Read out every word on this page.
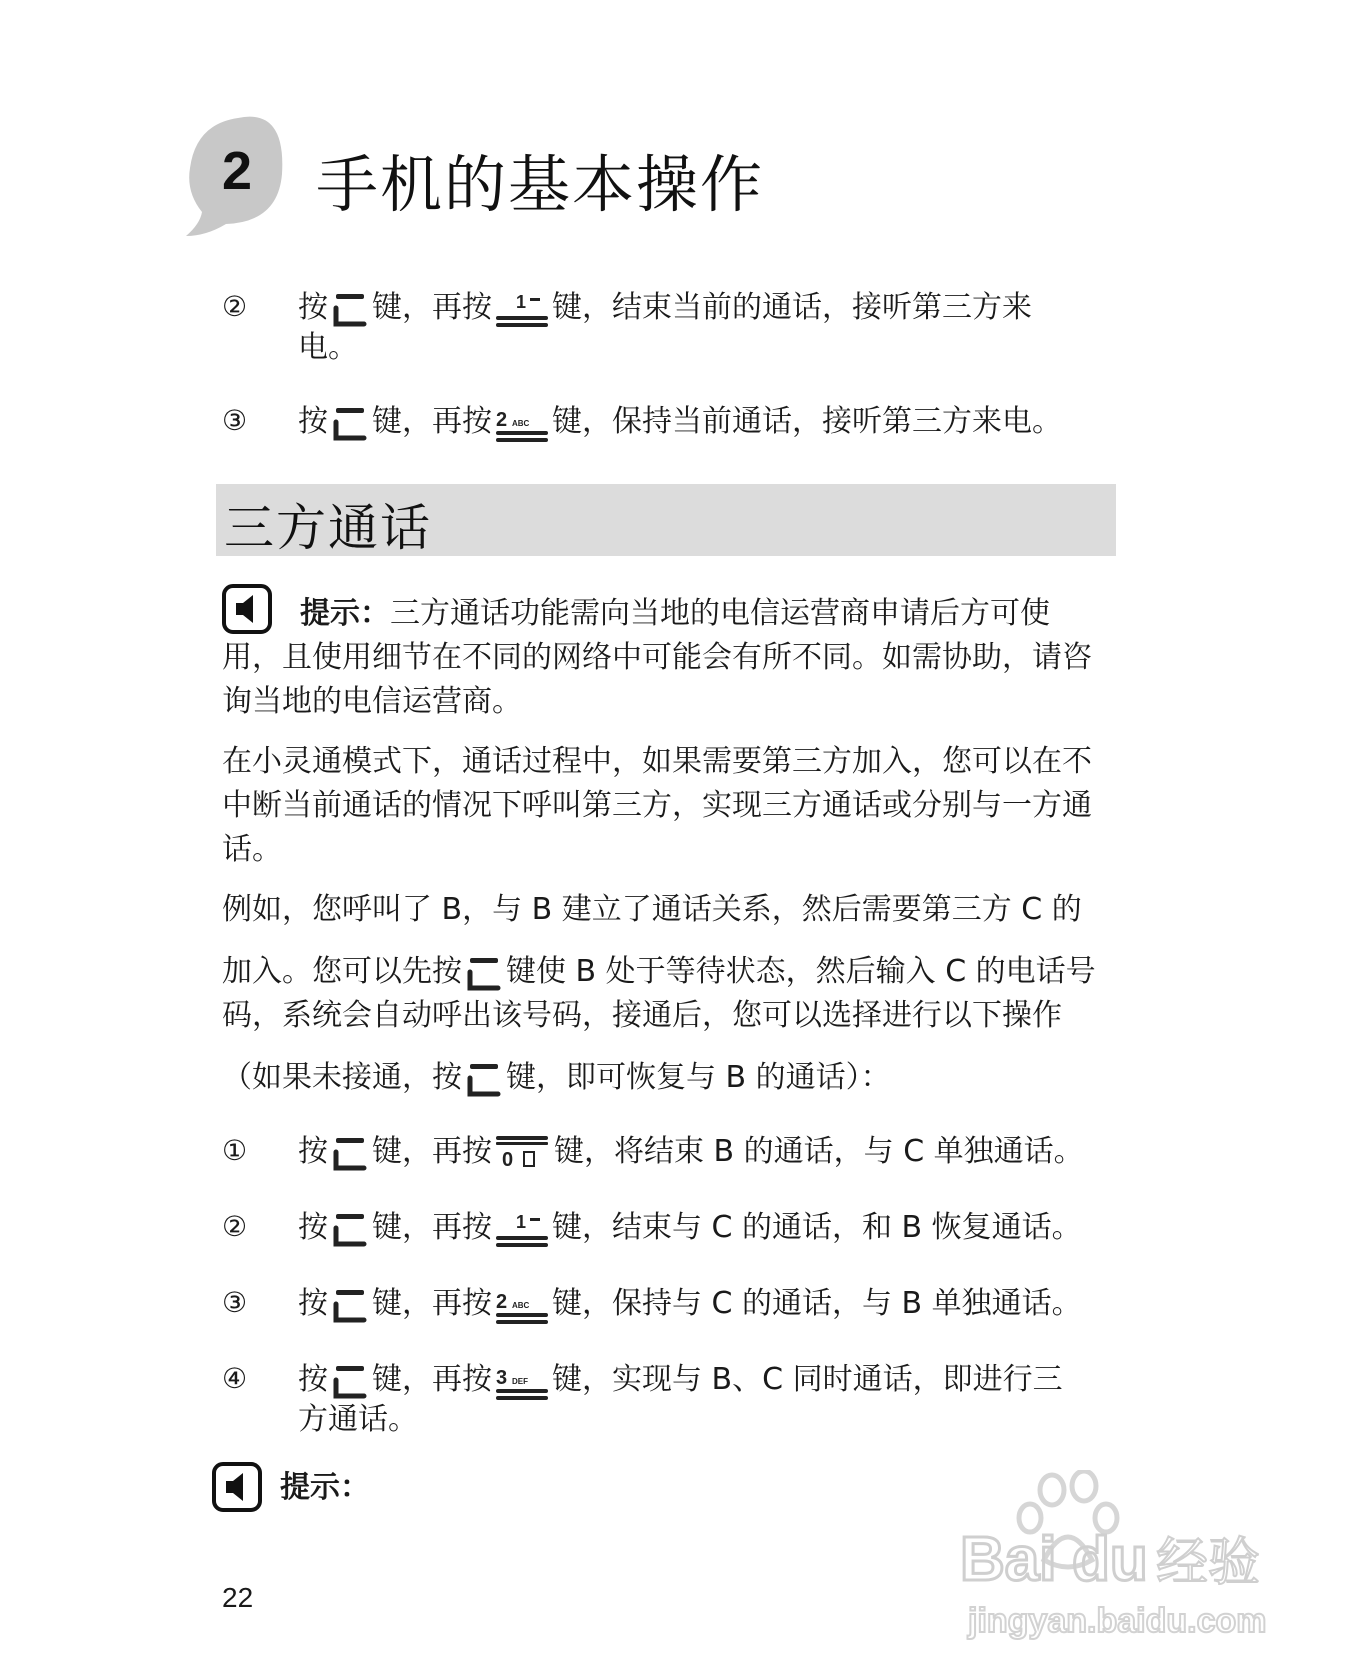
2 手机的基本操作
② 按 键，再按 1 键，结束当前的通话，接听第三方来
电。
③ 按 键，再按 2 ABC 键，保持当前通话，接听第三方来电。
三方通话
提示： 三方通话功能需向当地的电信运营商申请后方可使
用，且使用细节在不同的网络中可能会有所不同。如需协助，请咨
询当地的电信运营商。
在小灵通模式下，通话过程中，如果需要第三方加入，您可以在不
中断当前通话的情况下呼叫第三方，实现三方通话或分别与一方通
话。
例如，您呼叫了 B，与 B 建立了通话关系，然后需要第三方 C 的
加入。您可以先按 键使 B 处于等待状态，然后输入 C 的电话号
码，系统会自动呼出该号码，接通后，您可以选择进行以下操作
（如果未接通，按 键，即可恢复与 B 的通话）：
① 按 键，再按 0 键，将结束 B 的通话，与 C 单独通话。
② 按 键，再按 1 键，结束与 C 的通话，和 B 恢复通话。
③ 按 键，再按 2 ABC 键，保持与 C 的通话，与 B 单独通话。
④ 按 键，再按 3 DEF 键，实现与 B、C 同时通话，即进行三
方通话。
提示：
22
Bai du 经验
jingyan.baidu.com
